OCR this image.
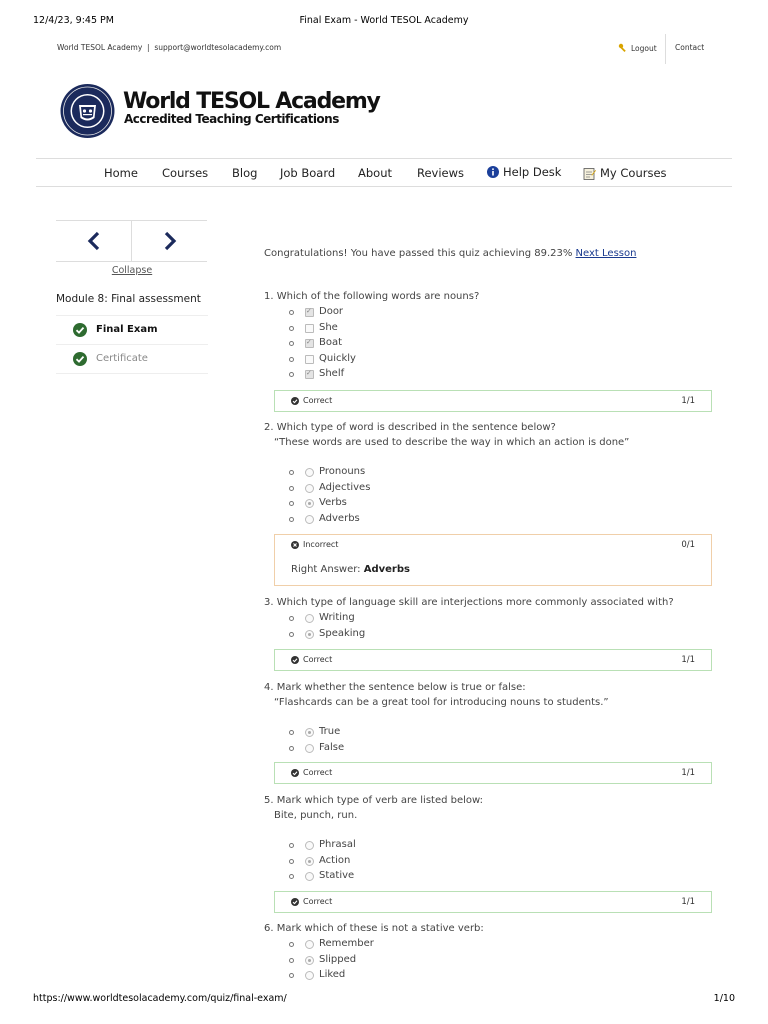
12/4/23, 9:45 PM	Final Exam - World TESOL Academy
World TESOL Academy  |  support@worldtesolacademy.com	Logout Contact
World TESOL Academy
Accredited Teaching Certifications
Home Courses Blog Job Board About Reviews	Help Desk	My Courses
Collapse
Module 8: Final assessment
Final Exam
Certificate
Congratulations! You have passed this quiz achieving 89.23% Next Lesson
1. Which of the following words are nouns?
✓
Door
She
✓
Boat
Quickly
✓
Shelf
Correct	1/1
2. Which type of word is described in the sentence below?
“These words are used to describe the way in which an action is done”
Pronouns
Adjectives
Verbs
Adverbs
Incorrect	0/1
Right Answer: Adverbs
3. Which type of language skill are interjections more commonly associated with?
Writing
Speaking
Correct	1/1
4. Mark whether the sentence below is true or false:
“Flashcards can be a great tool for introducing nouns to students.”
True
False
Correct	1/1
5. Mark which type of verb are listed below:
Bite, punch, run.
Phrasal
Action
Stative
Correct	1/1
6. Mark which of these is not a stative verb:
Remember
Slipped
Liked
https://www.worldtesolacademy.com/quiz/final-exam/	1/10
